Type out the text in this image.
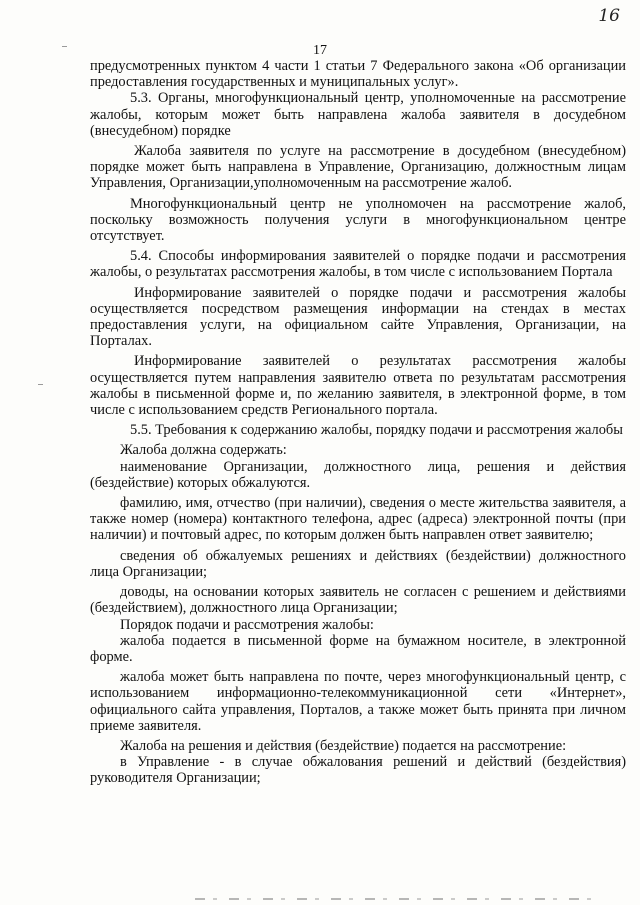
16
17

предусмотренных пунктом 4 части 1 статьи 7 Федерального закона «Об организации предоставления государственных и муниципальных услуг».

5.3. Органы, многофункциональный центр, уполномоченные на рассмотрение жалобы, которым может быть направлена жалоба заявителя в досудебном (внесудебном) порядке

Жалоба заявителя по услуге на рассмотрение в досудебном (внесудебном) порядке может быть направлена в Управление, Организацию, должностным лицам Управления, Организации,уполномоченным на рассмотрение жалоб.

Многофункциональный центр не уполномочен на рассмотрение жалоб, поскольку возможность получения услуги в многофункциональном центре отсутствует.

5.4. Способы информирования заявителей о порядке подачи и рассмотрения жалобы, о результатах рассмотрения жалобы, в том числе с использованием Портала

Информирование заявителей о порядке подачи и рассмотрения жалобы осуществляется посредством размещения информации на стендах в местах предоставления услуги, на официальном сайте Управления, Организации, на Порталах.

Информирование заявителей о результатах рассмотрения жалобы осуществляется путем направления заявителю ответа по результатам рассмотрения жалобы в письменной форме и, по желанию заявителя, в электронной форме, в том числе с использованием средств Регионального портала.

5.5. Требования к содержанию жалобы, порядку подачи и рассмотрения жалобы

Жалоба должна содержать:

наименование Организации, должностного лица, решения и действия (бездействие) которых обжалуются.

фамилию, имя, отчество (при наличии), сведения о месте жительства заявителя, а также номер (номера) контактного телефона, адрес (адреса) электронной почты (при наличии) и почтовый адрес, по которым должен быть направлен ответ заявителю;

сведения об обжалуемых решениях и действиях (бездействии) должностного лица Организации;

доводы, на основании которых заявитель не согласен с решением и действиями (бездействием), должностного лица Организации;

Порядок подачи и рассмотрения жалобы:

жалоба подается в письменной форме на бумажном носителе, в электронной форме.

жалоба может быть направлена по почте, через многофункциональный центр, с использованием информационно-телекоммуникационной сети «Интернет», официального сайта управления, Порталов, а также может быть принята при личном приеме заявителя.

Жалоба на решения и действия (бездействие) подается на рассмотрение:

в Управление - в случае обжалования решений и действий (бездействия) руководителя Организации;
